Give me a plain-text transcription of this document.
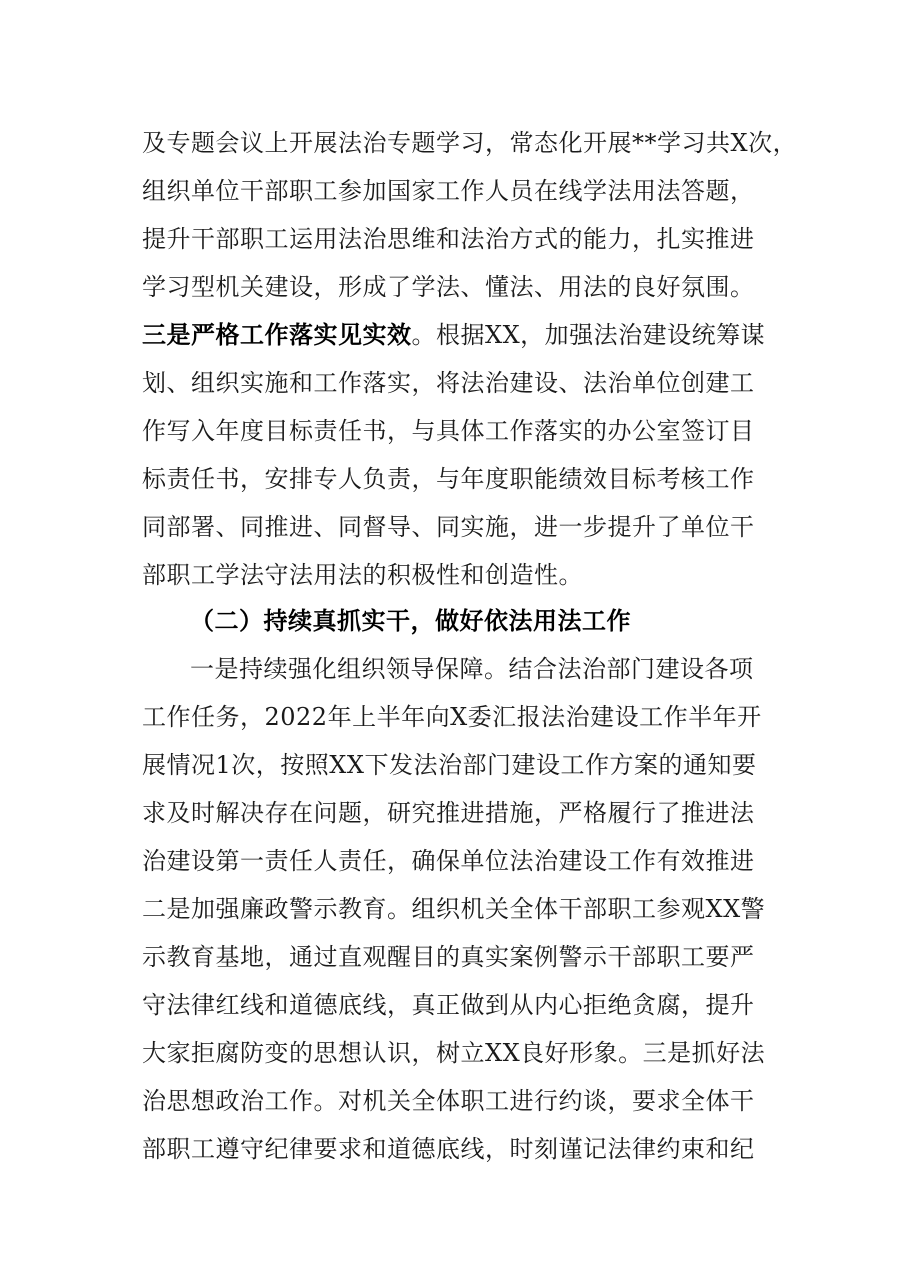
及专题会议上开展法治专题学习，常态化开展**学习共X次，
组织单位干部职工参加国家工作人员在线学法用法答题，
提升干部职工运用法治思维和法治方式的能力，扎实推进
学习型机关建设，形成了学法、懂法、用法的良好氛围。
三是严格工作落实见实效。根据XX，加强法治建设统筹谋
划、组织实施和工作落实，将法治建设、法治单位创建工
作写入年度目标责任书，与具体工作落实的办公室签订目
标责任书，安排专人负责，与年度职能绩效目标考核工作
同部署、同推进、同督导、同实施，进一步提升了单位干
部职工学法守法用法的积极性和创造性。
（二）持续真抓实干，做好依法用法工作
一是持续强化组织领导保障。结合法治部门建设各项
工作任务，2022年上半年向X委汇报法治建设工作半年开
展情况1次，按照XX下发法治部门建设工作方案的通知要
求及时解决存在问题，研究推进措施，严格履行了推进法
治建设第一责任人责任，确保单位法治建设工作有效推进
二是加强廉政警示教育。组织机关全体干部职工参观XX警
示教育基地，通过直观醒目的真实案例警示干部职工要严
守法律红线和道德底线，真正做到从内心拒绝贪腐，提升
大家拒腐防变的思想认识，树立XX良好形象。三是抓好法
治思想政治工作。对机关全体职工进行约谈，要求全体干
部职工遵守纪律要求和道德底线，时刻谨记法律约束和纪
